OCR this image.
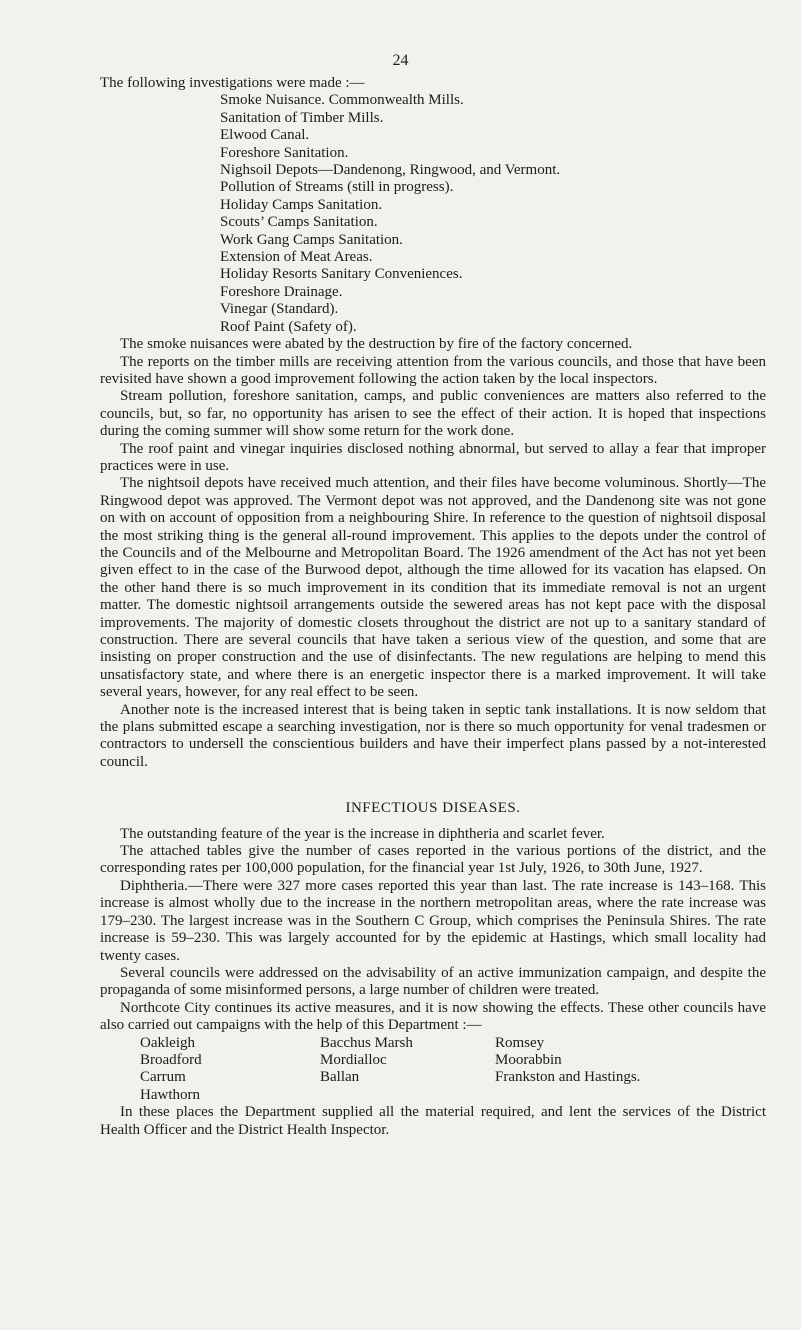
24

The following investigations were made :—

Smoke Nuisance. Commonwealth Mills.
Sanitation of Timber Mills.
Elwood Canal.
Foreshore Sanitation.
Nighsoil Depots—Dandenong, Ringwood, and Vermont.
Pollution of Streams (still in progress).
Holiday Camps Sanitation.
Scouts’ Camps Sanitation.
Work Gang Camps Sanitation.
Extension of Meat Areas.
Holiday Resorts Sanitary Conveniences.
Foreshore Drainage.
Vinegar (Standard).
Roof Paint (Safety of).

The smoke nuisances were abated by the destruction by fire of the factory concerned.

The reports on the timber mills are receiving attention from the various councils, and those that have been revisited have shown a good improvement following the action taken by the local inspectors.

Stream pollution, foreshore sanitation, camps, and public conveniences are matters also referred to the councils, but, so far, no opportunity has arisen to see the effect of their action. It is hoped that inspections during the coming summer will show some return for the work done.

The roof paint and vinegar inquiries disclosed nothing abnormal, but served to allay a fear that improper practices were in use.

The nightsoil depots have received much attention, and their files have become voluminous. Shortly—The Ringwood depot was approved. The Vermont depot was not approved, and the Dandenong site was not gone on with on account of opposition from a neighbouring Shire. In reference to the question of nightsoil disposal the most striking thing is the general all-round improvement. This applies to the depots under the control of the Councils and of the Melbourne and Metropolitan Board. The 1926 amendment of the Act has not yet been given effect to in the case of the Burwood depot, although the time allowed for its vacation has elapsed. On the other hand there is so much improvement in its condition that its immediate removal is not an urgent matter. The domestic nightsoil arrangements outside the sewered areas has not kept pace with the disposal improvements. The majority of domestic closets throughout the district are not up to a sanitary standard of construction. There are several councils that have taken a serious view of the question, and some that are insisting on proper construction and the use of disinfectants. The new regulations are helping to mend this unsatisfactory state, and where there is an energetic inspector there is a marked improvement. It will take several years, however, for any real effect to be seen.

Another note is the increased interest that is being taken in septic tank installations. It is now seldom that the plans submitted escape a searching investigation, nor is there so much opportunity for venal tradesmen or contractors to undersell the conscientious builders and have their imperfect plans passed by a not-interested council.

INFECTIOUS DISEASES.

The outstanding feature of the year is the increase in diphtheria and scarlet fever.

The attached tables give the number of cases reported in the various portions of the district, and the corresponding rates per 100,000 population, for the financial year 1st July, 1926, to 30th June, 1927.

Diphtheria.—There were 327 more cases reported this year than last. The rate increase is 143–168. This increase is almost wholly due to the increase in the northern metropolitan areas, where the rate increase was 179–230. The largest increase was in the Southern C Group, which comprises the Peninsula Shires. The rate increase is 59–230. This was largely accounted for by the epidemic at Hastings, which small locality had twenty cases.

Several councils were addressed on the advisability of an active immunization campaign, and despite the propaganda of some misinformed persons, a large number of children were treated.

Northcote City continues its active measures, and it is now showing the effects. These other councils have also carried out campaigns with the help of this Department :—

Oakleigh	Bacchus Marsh	Romsey
Broadford	Mordialloc	Moorabbin
Carrum	Ballan	Frankston and Hastings.
Hawthorn

In these places the Department supplied all the material required, and lent the services of the District Health Officer and the District Health Inspector.
